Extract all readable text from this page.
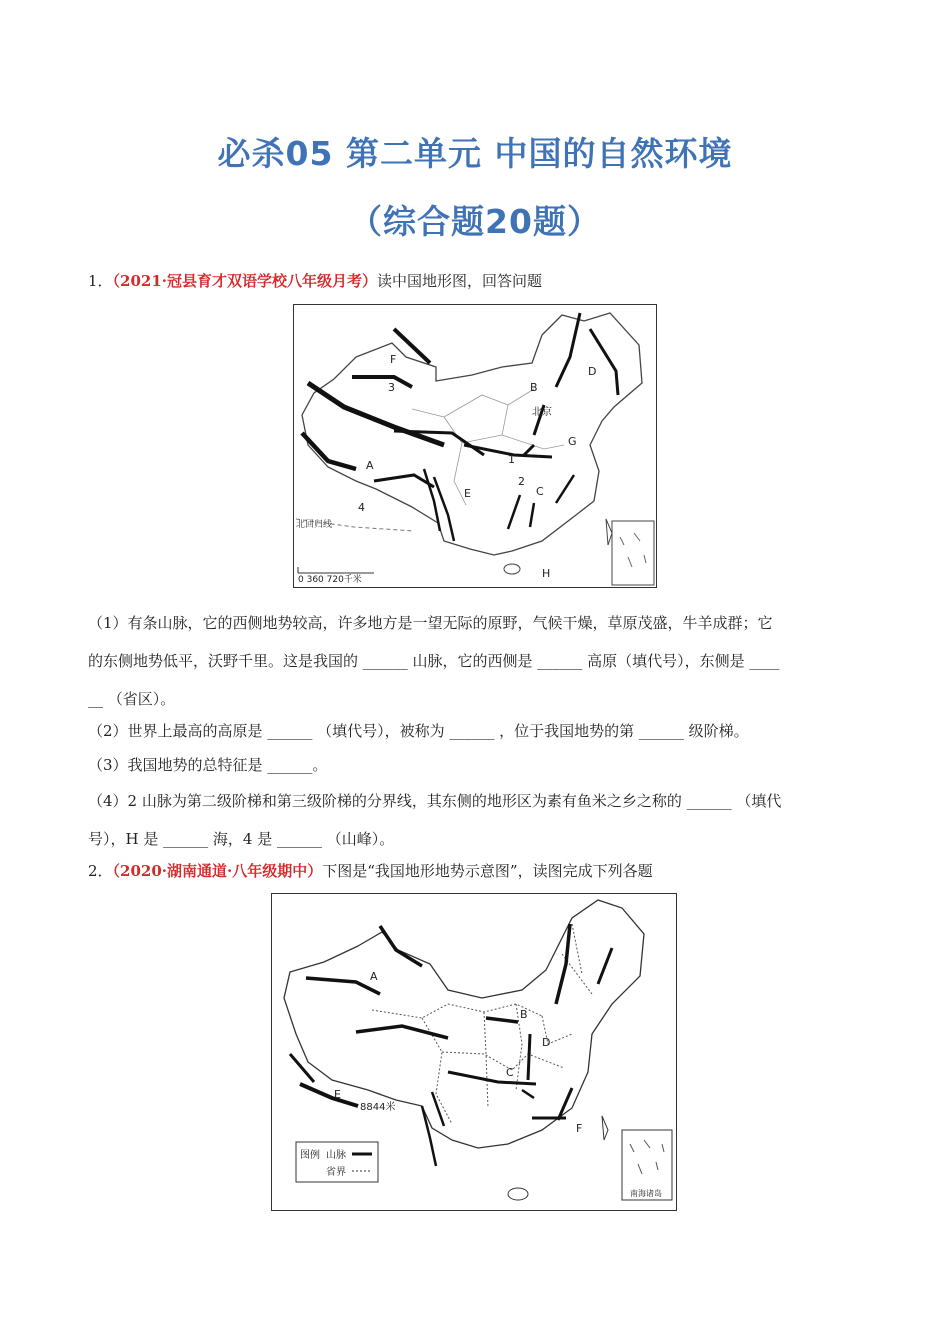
必杀05 第二单元 中国的自然环境
（综合题20题）
1．（2021·冠县育才双语学校八年级月考）读中国地形图，回答问题
F
3	B
D
北京
G
A	1
E
2
C
4
H
北回归线
0 360 720千米
（1）有条山脉，它的西侧地势较高，许多地方是一望无际的原野，气候干燥，草原茂盛，牛羊成群；它
的东侧地势低平，沃野千里。这是我国的 ______ 山脉，它的西侧是 ______ 高原（填代号），东侧是 ____
__ （省区）。
（2）世界上最高的高原是 ______ （填代号），被称为 ______ ，位于我国地势的第 ______ 级阶梯。
（3）我国地势的总特征是 ______。
（4）2 山脉为第二级阶梯和第三级阶梯的分界线，其东侧的地形区为素有鱼米之乡之称的 ______ （填代
号），H 是 ______ 海，4 是 ______ （山峰）。
2．（2020·湖南通道·八年级期中）下图是“我国地形地势示意图”，读图完成下列各题
南海诸岛
图例 山脉
省界
A
B
D
C
E
8844米
F
